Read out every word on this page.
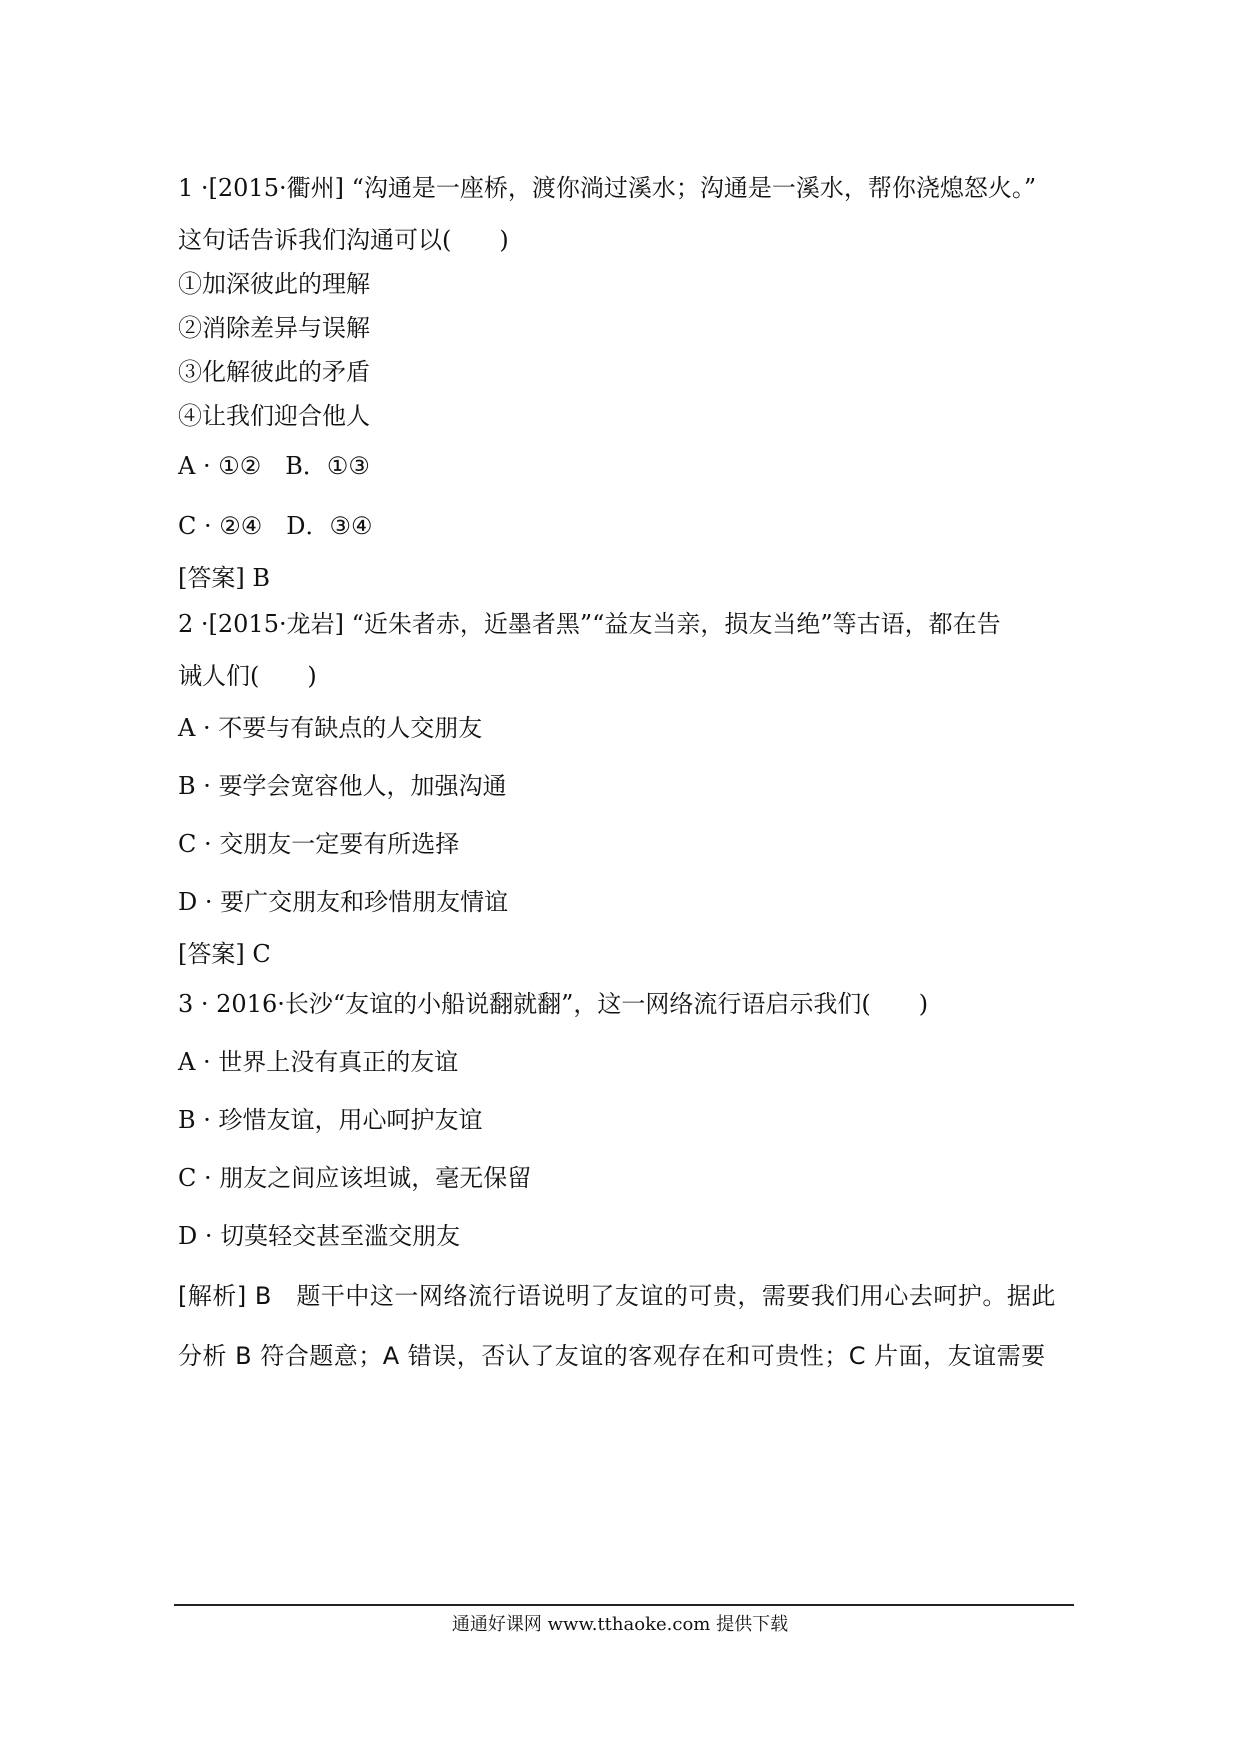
1 ·[2015·衢州] “沟通是一座桥，渡你淌过溪水；沟通是一溪水，帮你浇熄怒火。”
这句话告诉我们沟通可以(　　)
①加深彼此的理解
②消除差异与误解
③化解彼此的矛盾
④让我们迎合他人
A · ①②　B．①③
C · ②④　D．③④
[答案] B
2 ·[2015·龙岩] “近朱者赤，近墨者黑”“益友当亲，损友当绝”等古语，都在告
诫人们(　　)
A · 不要与有缺点的人交朋友
B · 要学会宽容他人，加强沟通
C · 交朋友一定要有所选择
D · 要广交朋友和珍惜朋友情谊
[答案] C
3 · 2016·长沙“友谊的小船说翻就翻”，这一网络流行语启示我们(　　)
A · 世界上没有真正的友谊
B · 珍惜友谊，用心呵护友谊
C · 朋友之间应该坦诚，毫无保留
D · 切莫轻交甚至滥交朋友
[解析] B　题干中这一网络流行语说明了友谊的可贵，需要我们用心去呵护。据此
分析 B 符合题意；A 错误，否认了友谊的客观存在和可贵性；C 片面，友谊需要
通通好课网 www.tthaoke.com 提供下载
